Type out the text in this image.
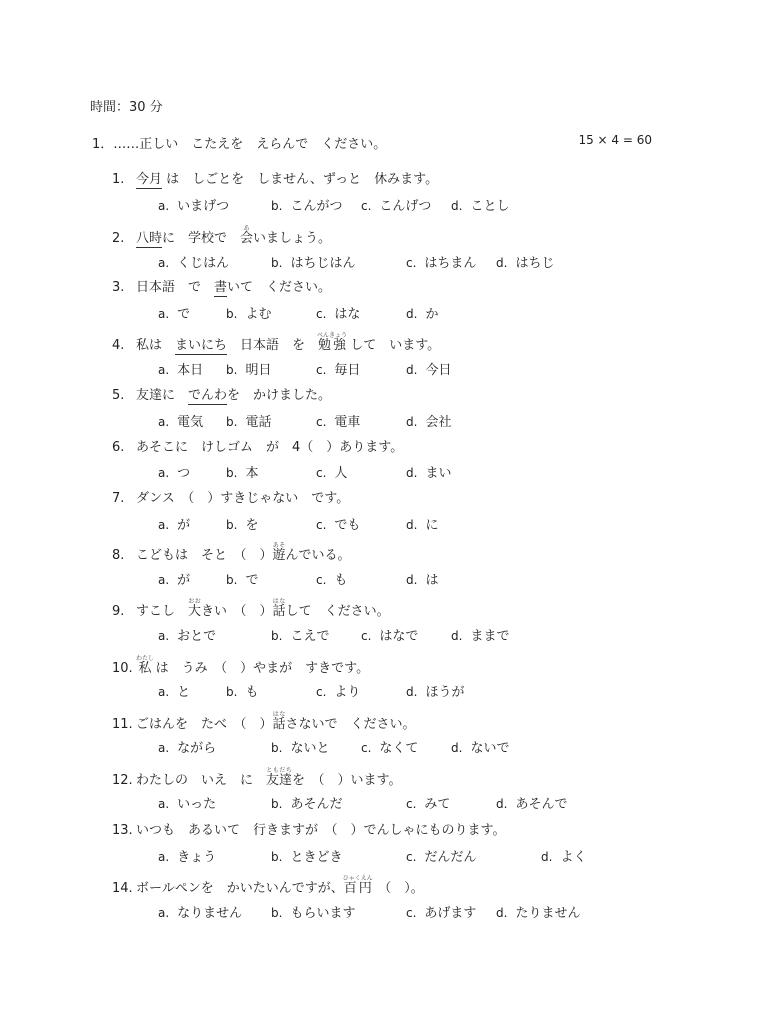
時間：30 分
1．……正しい　こたえを　えらんで　ください。	15 × 4 = 60
1. 今月 は　しごとを　しません、ずっと　休みます。
a. いまげつ	b. こんがつ c. こんげつ d. ことし
2. 八時に　学校で　会あいましょう。
a. くじはん	b. はちじはん	c. はちまん d. はちじ
3. 日本語　で　書いて　ください。
a. で	b. よむ	c. はな	d. か
4. 私は　まいにち　日本語　を　勉強べんきょう して　います。
a. 本日 b. 明日	c. 毎日	d. 今日
5. 友達に　でんわを　かけました。
a. 電気 b. 電話	c. 電車	d. 会社
6. あそこに　けしゴム　が　4（　）あります。
a. つ	b. 本	c. 人	d. まい
7. ダンス　（　）すきじゃない　です。
a. が	b. を	c. でも	d. に
8. こどもは　そと　（　）遊あそんでいる。
a. が	b. で	c. も	d. は
9. すこし　大おおきい　（　）話はなして　ください。
a. おとで	b. こえで	c. はなで	d. ままで
10. 私わたし は　うみ　（　）やまが　すきです。
a. と	b. も	c. より	d. ほうが
11. ごはんを　たべ　（　）話はなさないで　ください。
a. ながら	b. ないと	c. なくて	d. ないで
12. わたしの　いえ　に　友達ともだちを　（　）います。
a. いった	b. あそんだ	c. みて	d. あそんで
13. いつも　あるいて　行きますが　（　）でんしゃにものります。
a. きょう	b. ときどき	c. だんだん	d. よく
14. ボールペンを　かいたいんですが、百円ひゃくえん　（　）。
a. なりません b. もらいます	c. あげます d. たりません
